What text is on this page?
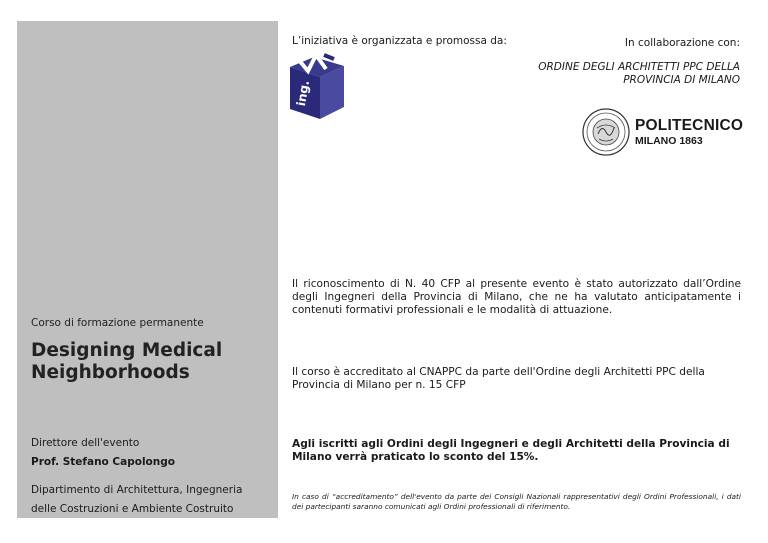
Corso di formazione permanente
Designing Medical Neighborhoods
Direttore dell'evento
Prof. Stefano Capolongo
Dipartimento di Architettura, Ingegneria delle Costruzioni e Ambiente Costruito
L’iniziativa è organizzata e promossa da:	In collaborazione con:
ORDINE DEGLI ARCHITETTI PPC DELLA PROVINCIA DI MILANO
ing.
POLITECNICO
MILANO 1863
Il riconoscimento di N. 40 CFP al presente evento è stato autorizzato dall’Ordine degli Ingegneri della Provincia di Milano, che ne ha valutato anticipatamente i contenuti formativi professionali e le modalità di attuazione.
Il corso è accreditato al CNAPPC da parte dell'Ordine degli Architetti PPC della Provincia di Milano per n. 15 CFP
Agli iscritti agli Ordini degli Ingegneri e degli Architetti della Provincia di Milano verrà praticato lo sconto del 15%.
In caso di “accreditamento” dell'evento da parte dei Consigli Nazionali rappresentativi degli Ordini Professionali, i dati dei partecipanti saranno comunicati agli Ordini professionali di riferimento.
